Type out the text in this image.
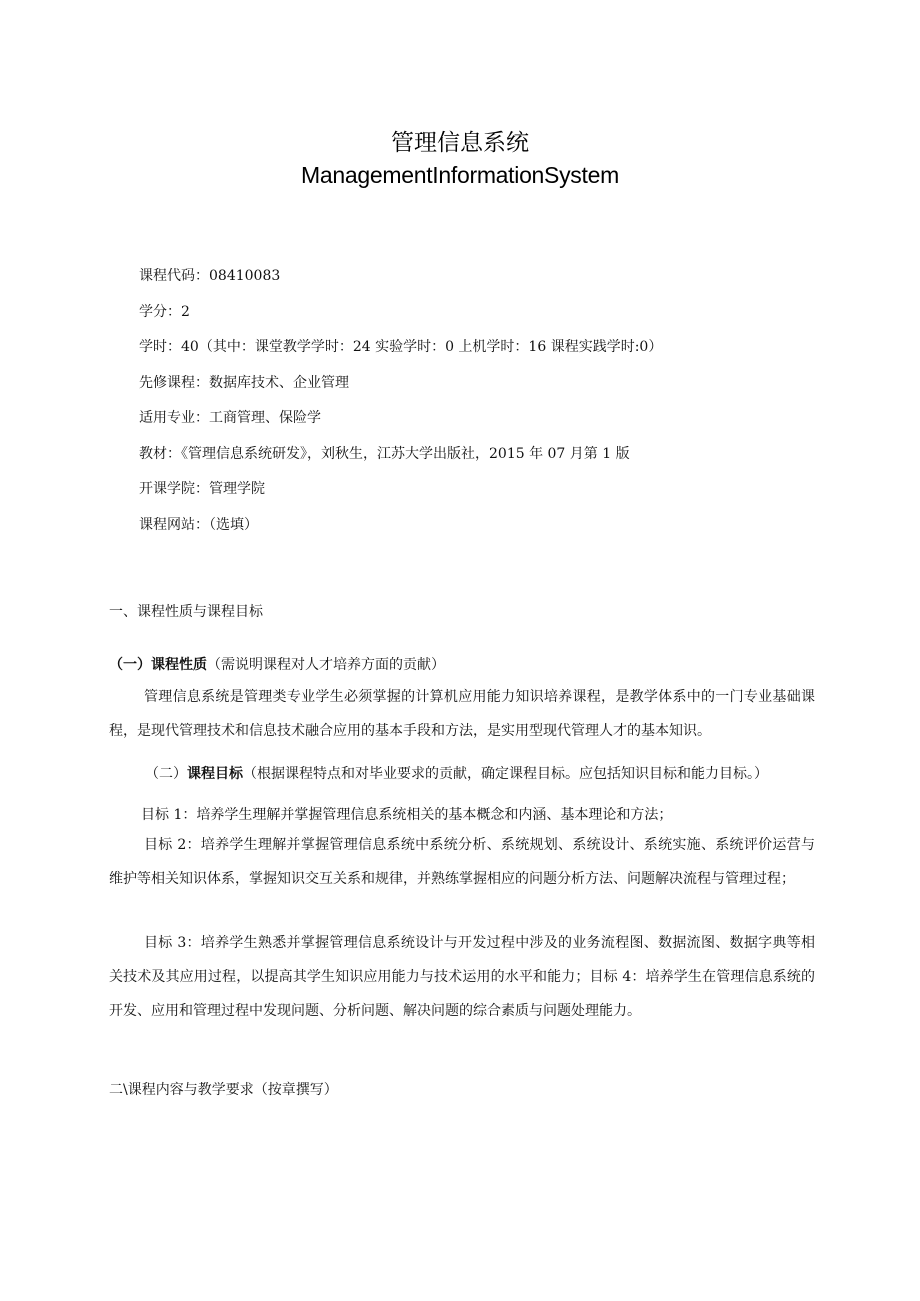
管理信息系统
ManagementInformationSystem
课程代码：08410083
学分：2
学时：40（其中：课堂教学学时：24 实验学时：0 上机学时：16 课程实践学时:0）
先修课程：数据库技术、企业管理
适用专业：工商管理、保险学
教材：《管理信息系统研发》，刘秋生，江苏大学出版社，2015 年 07 月第 1 版
开课学院：管理学院
课程网站：（选填）
一、课程性质与课程目标
（一）课程性质（需说明课程对人才培养方面的贡献）

管理信息系统是管理类专业学生必须掌握的计算机应用能力知识培养课程，是教学体系中的一门专业基础课程，是现代管理技术和信息技术融合应用的基本手段和方法，是实用型现代管理人才的基本知识。

（二）课程目标（根据课程特点和对毕业要求的贡献，确定课程目标。应包括知识目标和能力目标。）
目标 1：培养学生理解并掌握管理信息系统相关的基本概念和内涵、基本理论和方法；

目标 2：培养学生理解并掌握管理信息系统中系统分析、系统规划、系统设计、系统实施、系统评价运营与维护等相关知识体系，掌握知识交互关系和规律，并熟练掌握相应的问题分析方法、问题解决流程与管理过程；

目标 3：培养学生熟悉并掌握管理信息系统设计与开发过程中涉及的业务流程图、数据流图、数据字典等相关技术及其应用过程，以提高其学生知识应用能力与技术运用的水平和能力；目标 4：培养学生在管理信息系统的开发、应用和管理过程中发现问题、分析问题、解决问题的综合素质与问题处理能力。

二\课程内容与教学要求（按章撰写）
